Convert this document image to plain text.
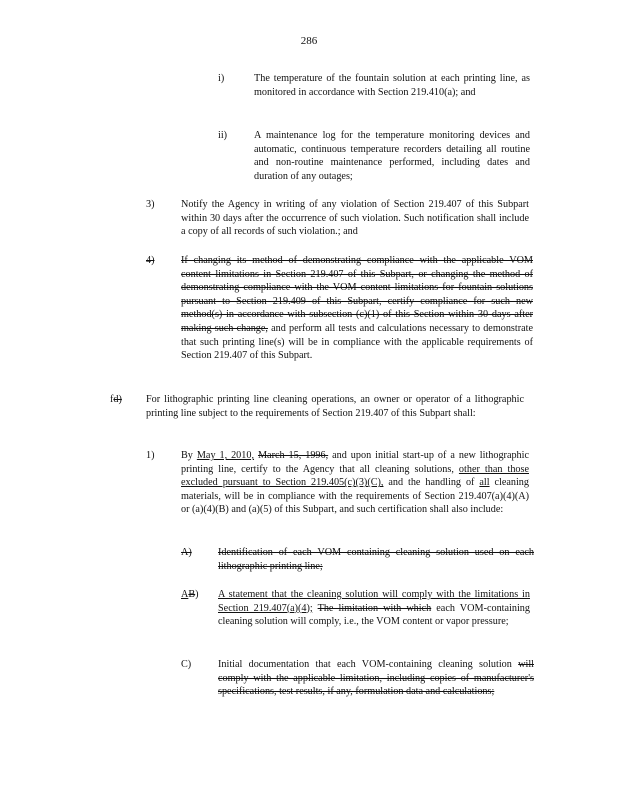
286
i)	The temperature of the fountain solution at each printing line, as monitored in accordance with Section 219.410(a); and
ii)	A maintenance log for the temperature monitoring devices and automatic, continuous temperature recorders detailing all routine and non-routine maintenance performed, including dates and duration of any outages;
3)	Notify the Agency in writing of any violation of Section 219.407 of this Subpart within 30 days after the occurrence of such violation. Such notification shall include a copy of all records of such violation.; and
4)	If changing its method of demonstrating compliance with the applicable VOM content limitations in Section 219.407 of this Subpart, or changing the method of demonstrating compliance with the VOM content limitations for fountain solutions pursuant to Section 219.409 of this Subpart, certify compliance for such new method(s) in accordance with subsection (c)(1) of this Section within 30 days after making such change, and perform all tests and calculations necessary to demonstrate that such printing line(s) will be in compliance with the applicable requirements of Section 219.407 of this Subpart.
fd) For lithographic printing line cleaning operations, an owner or operator of a lithographic printing line subject to the requirements of Section 219.407 of this Subpart shall:
1)	By May 1, 2010, March 15, 1996, and upon initial start-up of a new lithographic printing line, certify to the Agency that all cleaning solutions, other than those excluded pursuant to Section 219.405(c)(3)(C), and the handling of all cleaning materials, will be in compliance with the requirements of Section 219.407(a)(4)(A) or (a)(4)(B) and (a)(5) of this Subpart, and such certification shall also include:
A)	Identification of each VOM containing cleaning solution used on each lithographic printing line;
AB) A statement that the cleaning solution will comply with the limitations in Section 219.407(a)(4); The limitation with which each VOM-containing cleaning solution will comply, i.e., the VOM content or vapor pressure;
C)	Initial documentation that each VOM-containing cleaning solution will comply with the applicable limitation, including copies of manufacturer's specifications, test results, if any, formulation data and calculations;
